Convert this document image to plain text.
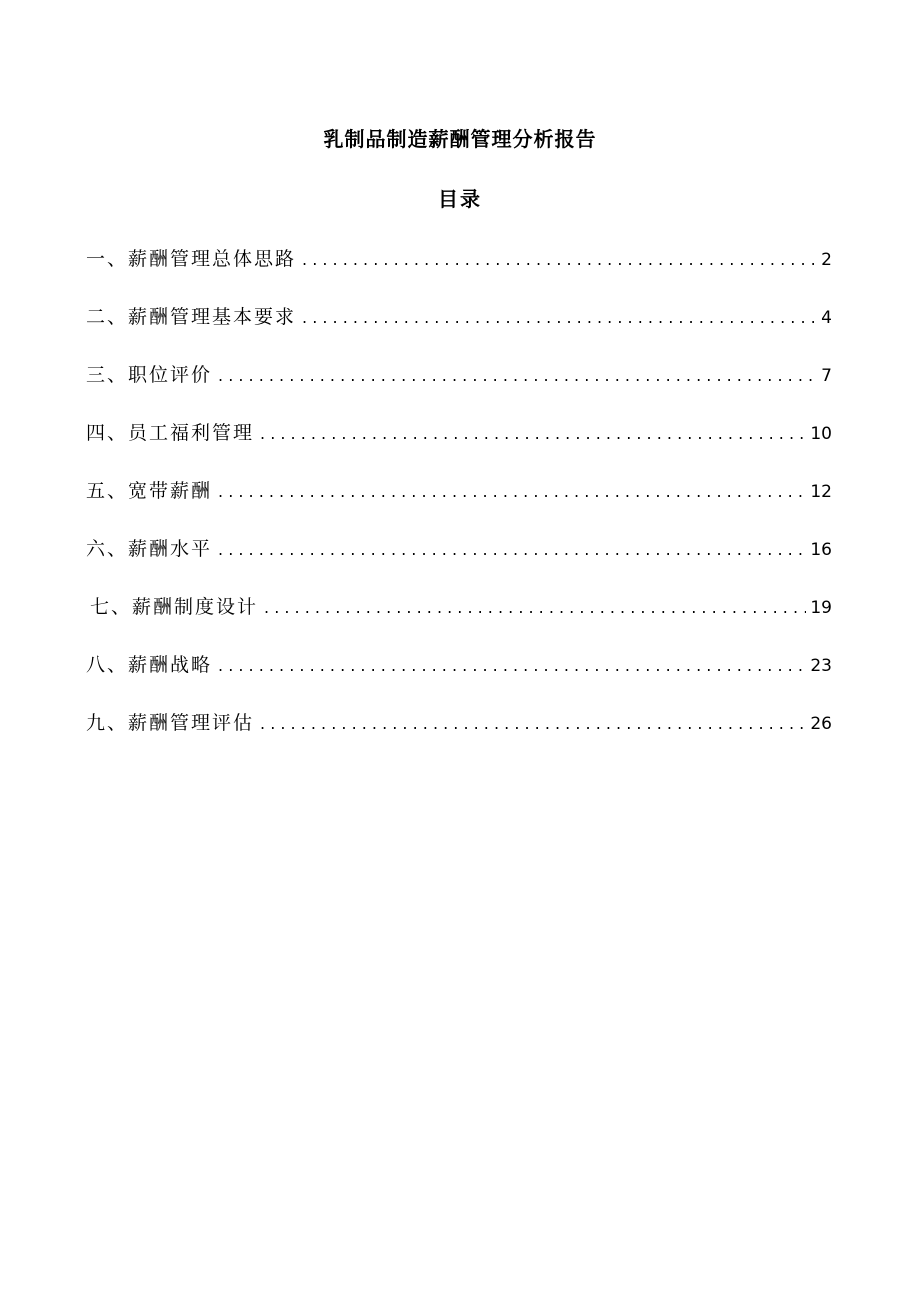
乳制品制造薪酬管理分析报告
目录
一、薪酬管理总体思路 . . .	2
二、薪酬管理基本要求 . . .	4
三、职位评价 . . .	7
四、员工福利管理 . . .	10
五、宽带薪酬 . . .	12
六、薪酬水平 . . .	16
七、薪酬制度设计 . . .	19
八、薪酬战略 . . .	23
九、薪酬管理评估 . . .	26
